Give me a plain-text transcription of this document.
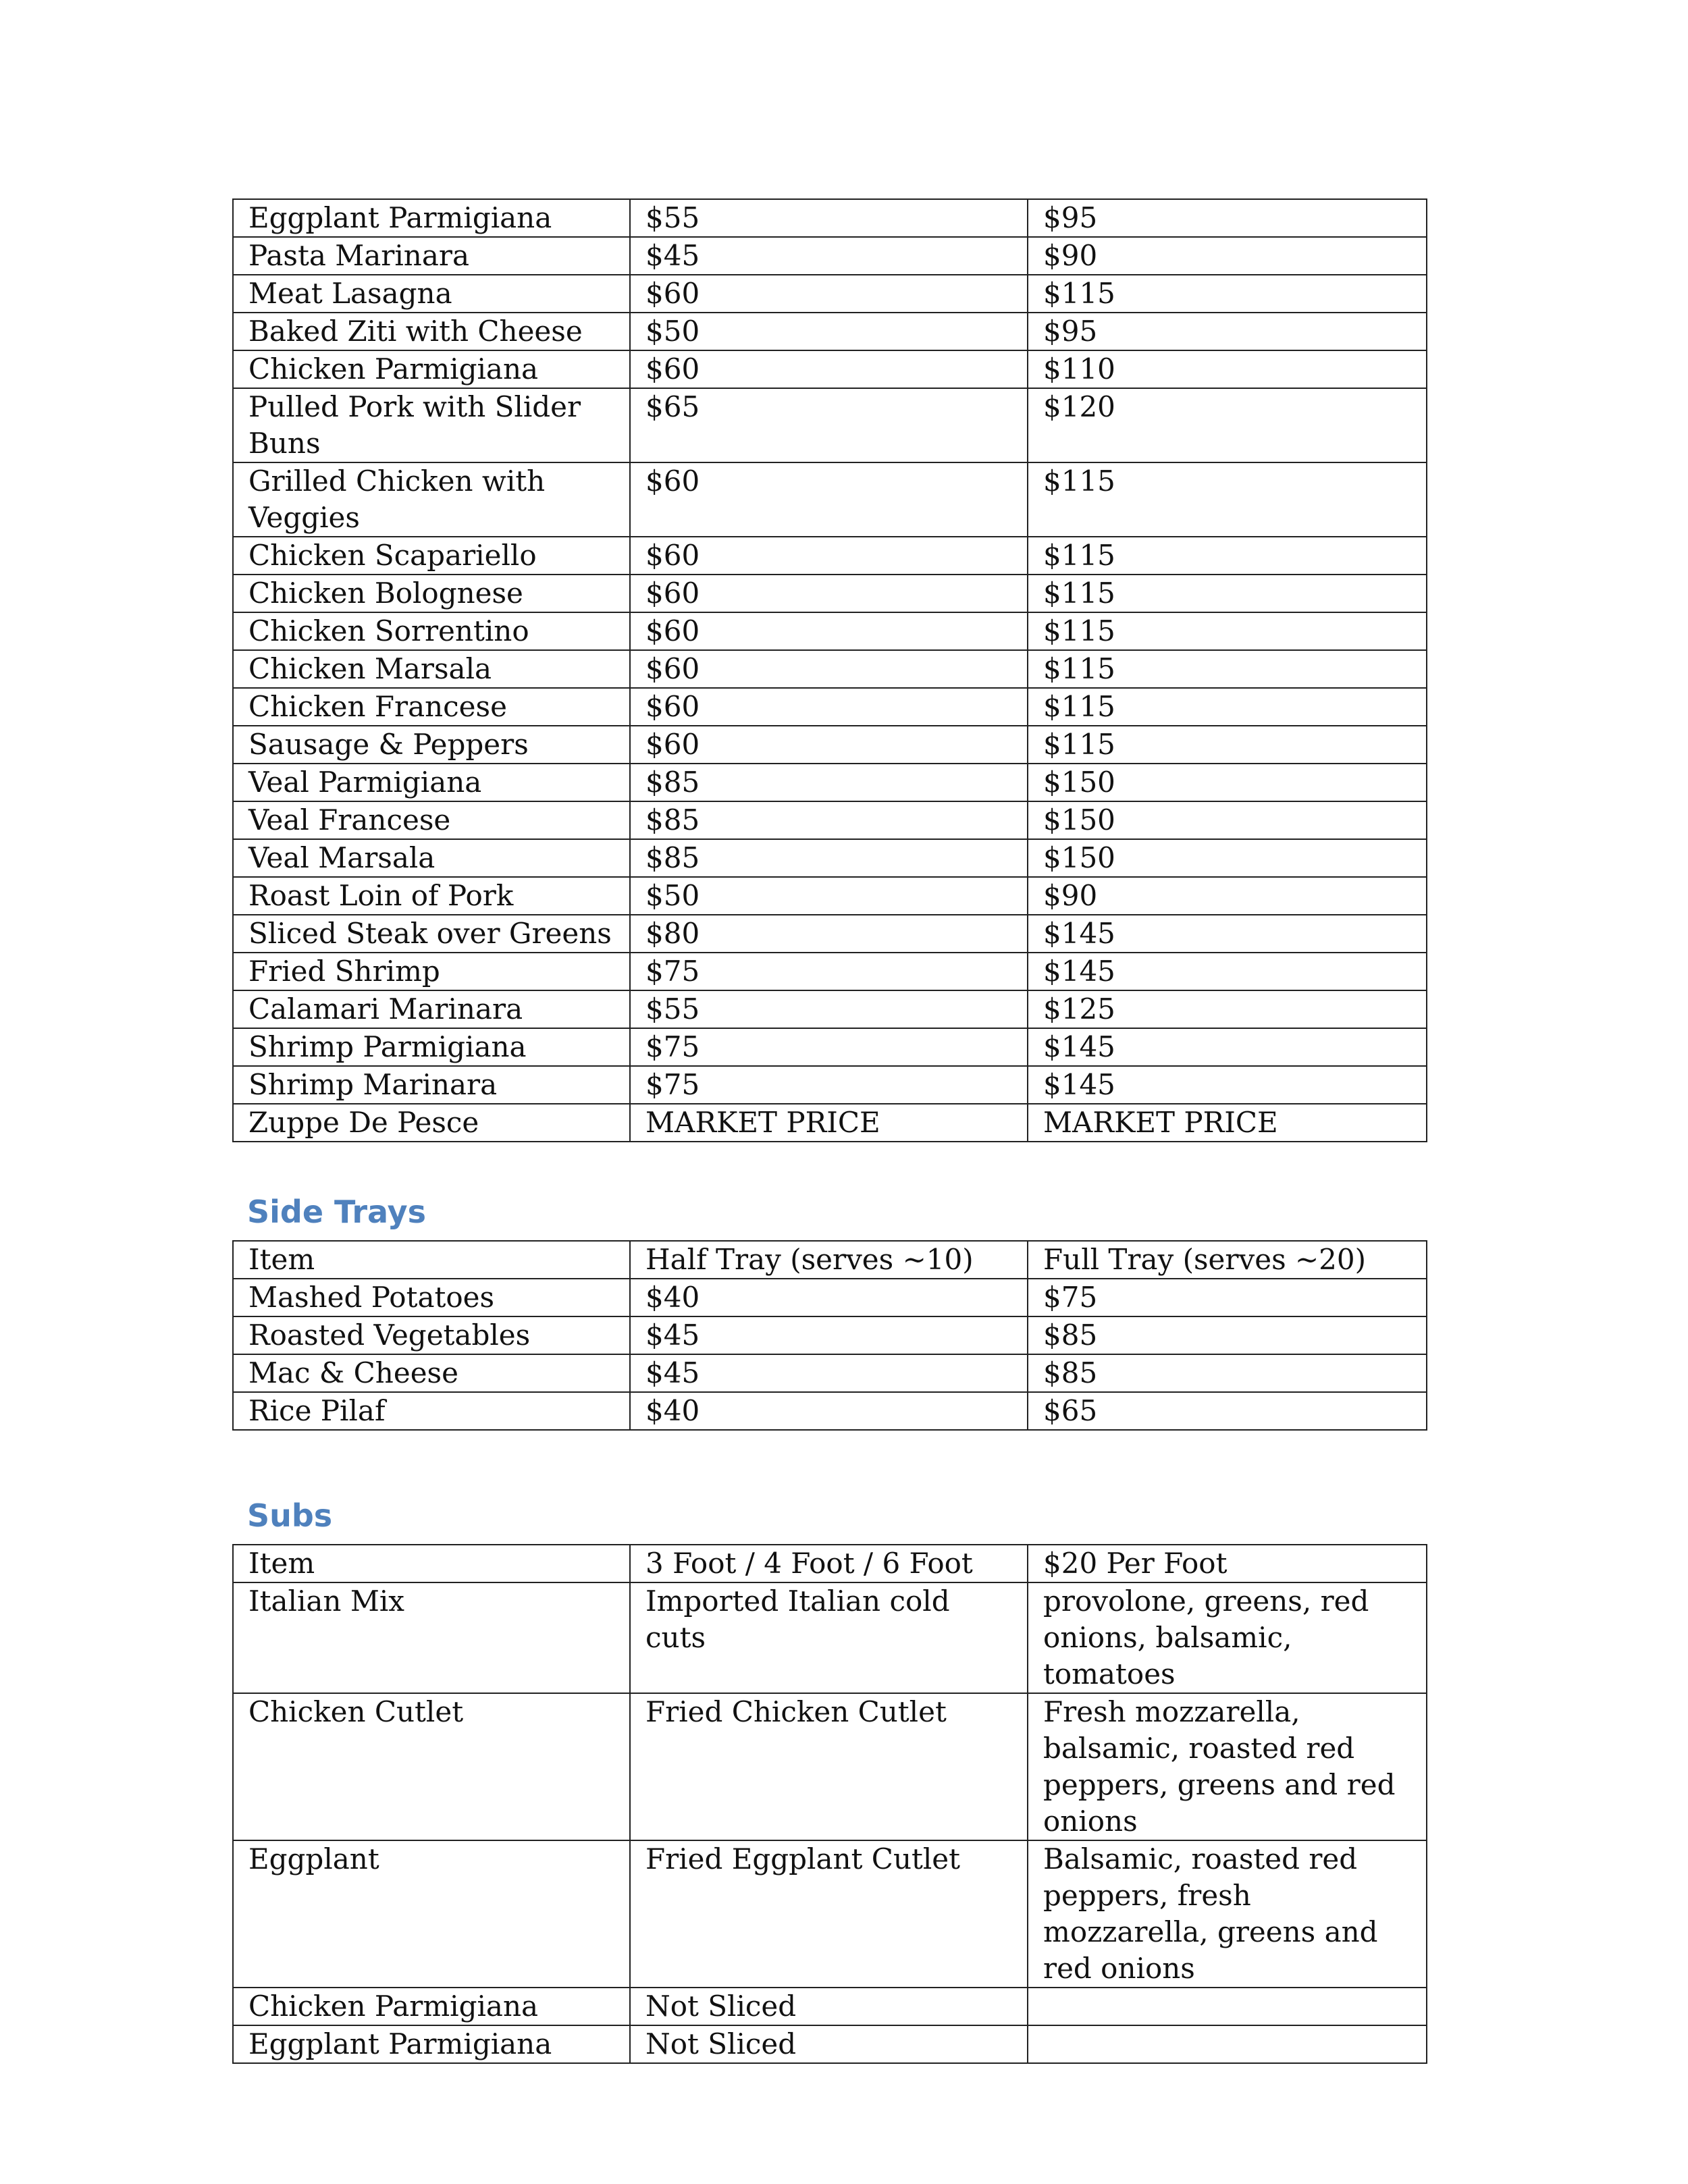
Eggplant Parmigiana	$55	$95
Pasta Marinara	$45	$90
Meat Lasagna	$60	$115
Baked Ziti with Cheese	$50	$95
Chicken Parmigiana	$60	$110
Pulled Pork with Slider Buns	$65	$120
Grilled Chicken with Veggies	$60	$115
Chicken Scapariello	$60	$115
Chicken Bolognese	$60	$115
Chicken Sorrentino	$60	$115
Chicken Marsala	$60	$115
Chicken Francese	$60	$115
Sausage & Peppers	$60	$115
Veal Parmigiana	$85	$150
Veal Francese	$85	$150
Veal Marsala	$85	$150
Roast Loin of Pork	$50	$90
Sliced Steak over Greens	$80	$145
Fried Shrimp	$75	$145
Calamari Marinara	$55	$125
Shrimp Parmigiana	$75	$145
Shrimp Marinara	$75	$145
Zuppe De Pesce	MARKET PRICE	MARKET PRICE
Side Trays
Item	Half Tray (serves ~10)	Full Tray (serves ~20)
Mashed Potatoes	$40	$75
Roasted Vegetables	$45	$85
Mac & Cheese	$45	$85
Rice Pilaf	$40	$65
Subs
Item	3 Foot / 4 Foot / 6 Foot	$20 Per Foot
Italian Mix	Imported Italian cold cuts	provolone, greens, red onions, balsamic, tomatoes
Chicken Cutlet	Fried Chicken Cutlet	Fresh mozzarella, balsamic, roasted red peppers, greens and red onions
Eggplant	Fried Eggplant Cutlet	Balsamic, roasted red peppers, fresh mozzarella, greens and red onions
Chicken Parmigiana	Not Sliced	
Eggplant Parmigiana	Not Sliced	
